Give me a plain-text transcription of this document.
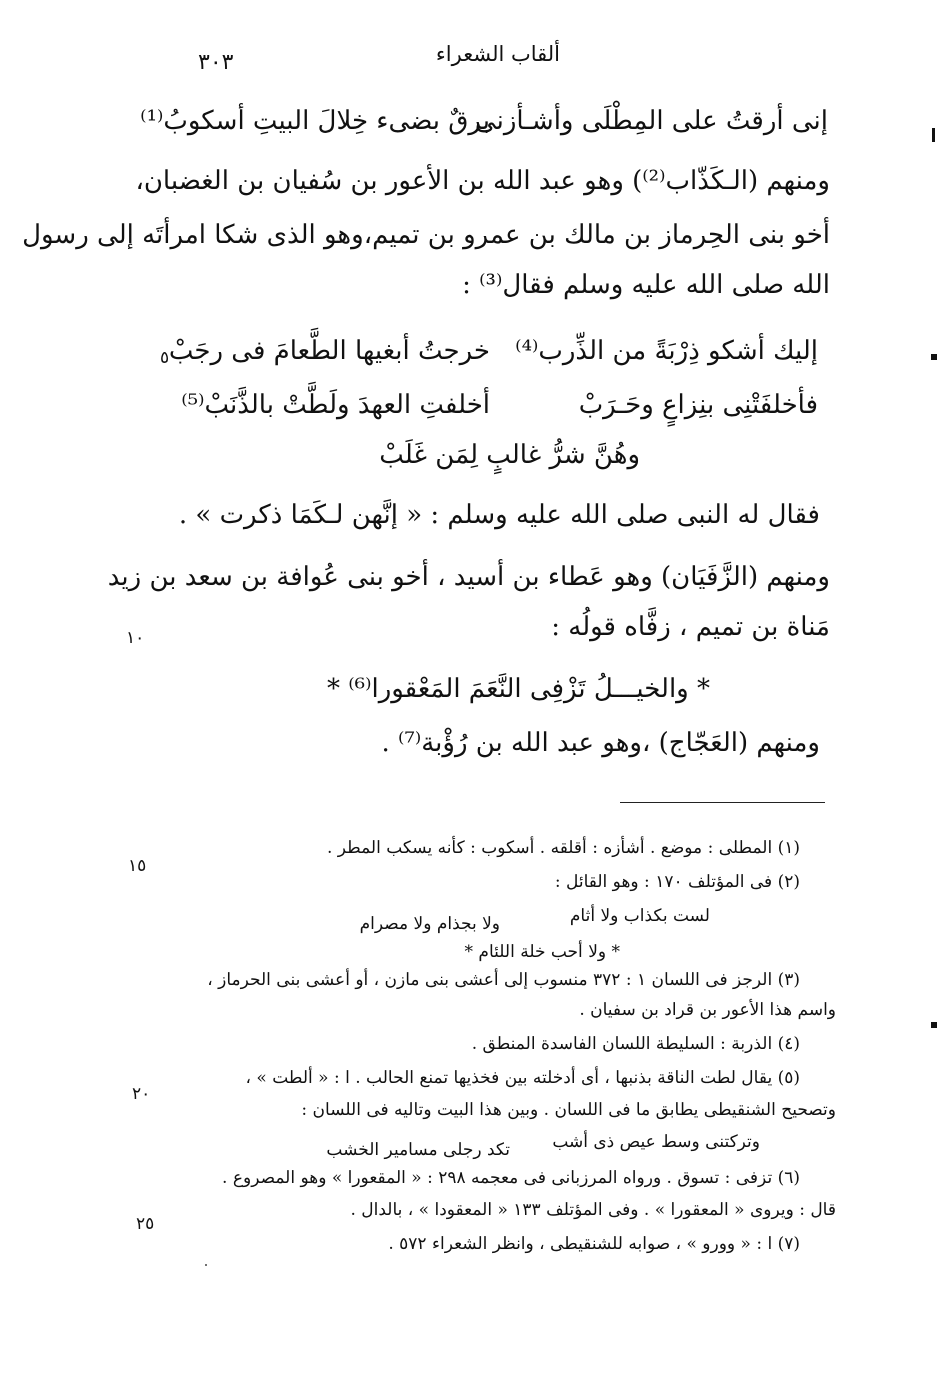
ألقاب الشعراء
٣٠٣
إنى أرقتُ على المِطْلَى وأشـأزنى
برقٌ بضىء خِلالَ البيتِ أسكوبُ⁽¹⁾
ومنهم (الـكَذّاب⁽²⁾) وهو عبد الله بن الأعور بن سُفيان بن الغضبان،
أخو بنى الحِرماز بن مالك بن عمرو بن تميم،وهو الذى شكا امرأتَه إلى رسول
الله صلى الله عليه وسلم فقال⁽³⁾ :
إليك أشكو ذِرْبَةً من الذِّرب⁽⁴⁾
خرجتُ أبغيها الطَّعامَ فى رجَبْ
فأخلفَتْنِى بنِزاعٍ وحَـرَبْ
أخلفتِ العهدَ ولَطَّتْ بالذَّنَبْ⁽⁵⁾
وهُنَّ شرُّ غالبٍ لِمَن غَلَبْ
فقال له النبى صلى الله عليه وسلم : « إنَّهن لـكَمَا ذكرت » .
ومنهم (الزَّفَيَان) وهو عَطاء بن أسيد ، أخو بنى عُوافة بن سعد بن زيد
مَناة بن تميم ، زفَّاه قولُه :
* والخيـــلُ تَزْفِى النَّعَمَ المَعْقورا⁽⁶⁾ *
ومنهم (العَجّاج) ،وهو عبد الله بن رُؤْبة⁽⁷⁾ .
(١) المطلى : موضع . أشأزه : أقلقه . أسكوب : كأنه يسكب المطر .
(٢) فى المؤتلف ١٧٠ : وهو القائل :
لست بكذاب ولا أثام
ولا بجذام ولا مصرام
* ولا أحب خلة اللئام *
(٣) الرجز فى اللسان ١ : ٣٧٢ منسوب إلى أعشى بنى مازن ، أو أعشى بنى الحرماز ،
واسم هذا الأعور بن قراد بن سفيان .
(٤) الذربة : السليطة اللسان الفاسدة المنطق .
(٥) يقال لطت الناقة بذنبها ، أى أدخلته بين فخذيها تمنع الحالب . ا : « ألطت » ،
وتصحيح الشنقيطى يطابق ما فى اللسان . وبين هذا البيت وتاليه فى اللسان :
وتركتنى وسط عيص ذى أشب
تكد رجلى مسامير الخشب
(٦) تزفى : تسوق . ورواه المرزبانى فى معجمه ٢٩٨ : « المقعورا » وهو المصروع .
قال : ويروى « المعقورا » . وفى المؤتلف ١٣٣ « المعقودا » ، بالدال .
(٧) ا : « وورو » ، صوابه للشنقيطى ، وانظر الشعراء ٥٧٢ .
٥
١٠
١٥
٢٠
٢٥
